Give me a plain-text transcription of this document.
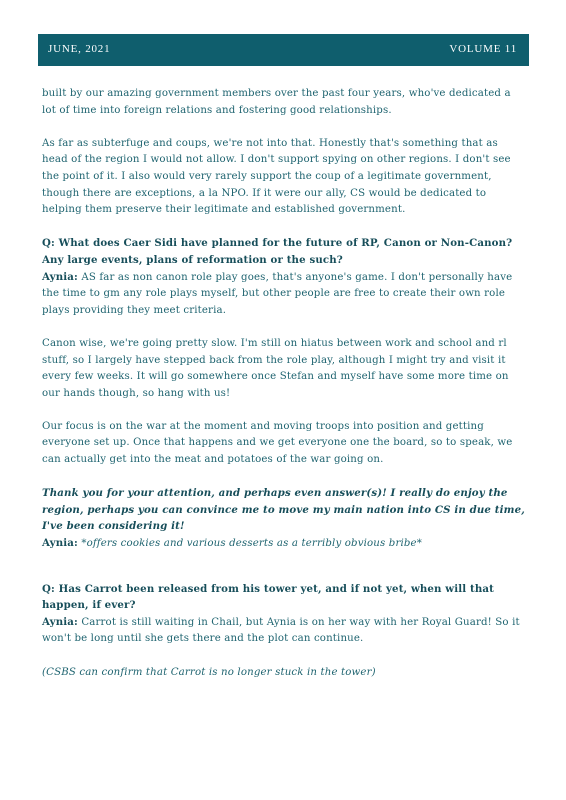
JUNE, 2021	VOLUME 11

built by our amazing government members over the past four years, who've dedicated a lot of time into foreign relations and fostering good relationships.

As far as subterfuge and coups, we're not into that. Honestly that's something that as head of the region I would not allow. I don't support spying on other regions. I don't see the point of it. I also would very rarely support the coup of a legitimate government, though there are exceptions, a la NPO. If it were our ally, CS would be dedicated to helping them preserve their legitimate and established government.

Q: What does Caer Sidi have planned for the future of RP, Canon or Non-Canon? Any large events, plans of reformation or the such?

Aynia: AS far as non canon role play goes, that's anyone's game. I don't personally have the time to gm any role plays myself, but other people are free to create their own role plays providing they meet criteria.

Canon wise, we're going pretty slow. I'm still on hiatus between work and school and rl stuff, so I largely have stepped back from the role play, although I might try and visit it every few weeks. It will go somewhere once Stefan and myself have some more time on our hands though, so hang with us!

Our focus is on the war at the moment and moving troops into position and getting everyone set up. Once that happens and we get everyone one the board, so to speak, we can actually get into the meat and potatoes of the war going on.

Thank you for your attention, and perhaps even answer(s)! I really do enjoy the region, perhaps you can convince me to move my main nation into CS in due time, I've been considering it!

Aynia: *offers cookies and various desserts as a terribly obvious bribe*

Q: Has Carrot been released from his tower yet, and if not yet, when will that happen, if ever?

Aynia: Carrot is still waiting in Chail, but Aynia is on her way with her Royal Guard! So it won't be long until she gets there and the plot can continue.

(CSBS can confirm that Carrot is no longer stuck in the tower)
